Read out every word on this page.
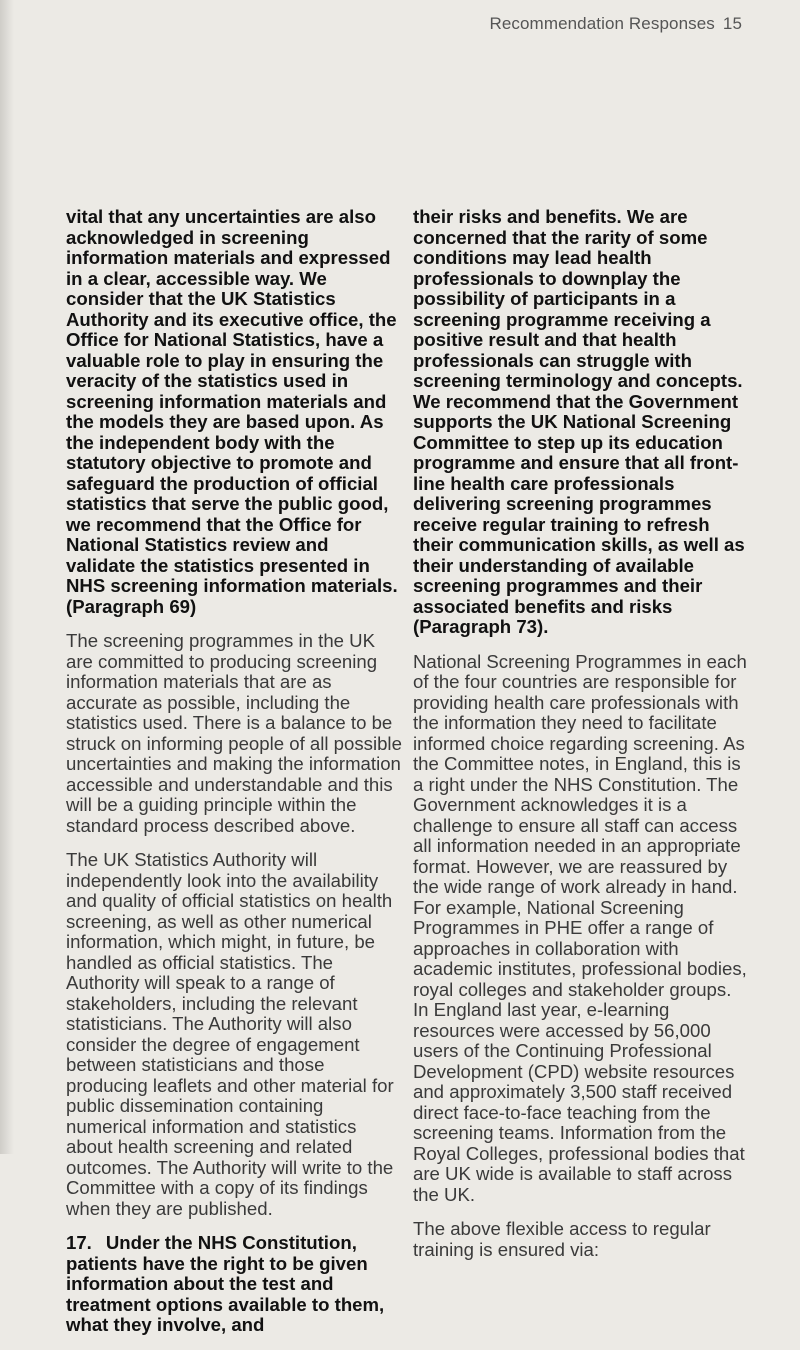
Recommendation Responses 15

vital that any uncertainties are also acknowledged in screening information materials and expressed in a clear, accessible way. We consider that the UK Statistics Authority and its executive office, the Office for National Statistics, have a valuable role to play in ensuring the veracity of the statistics used in screening information materials and the models they are based upon. As the independent body with the statutory objective to promote and safeguard the production of official statistics that serve the public good, we recommend that the Office for National Statistics review and validate the statistics presented in NHS screening information materials. (Paragraph 69)

The screening programmes in the UK are committed to producing screening information materials that are as accurate as possible, including the statistics used. There is a balance to be struck on informing people of all possible uncertainties and making the information accessible and understandable and this will be a guiding principle within the standard process described above.

The UK Statistics Authority will independently look into the availability and quality of official statistics on health screening, as well as other numerical information, which might, in future, be handled as official statistics. The Authority will speak to a range of stakeholders, including the relevant statisticians. The Authority will also consider the degree of engagement between statisticians and those producing leaflets and other material for public dissemination containing numerical information and statistics about health screening and related outcomes. The Authority will write to the Committee with a copy of its findings when they are published.

17. Under the NHS Constitution, patients have the right to be given information about the test and treatment options available to them, what they involve, and

their risks and benefits. We are concerned that the rarity of some conditions may lead health professionals to downplay the possibility of participants in a screening programme receiving a positive result and that health professionals can struggle with screening terminology and concepts. We recommend that the Government supports the UK National Screening Committee to step up its education programme and ensure that all front-line health care professionals delivering screening programmes receive regular training to refresh their communication skills, as well as their understanding of available screening programmes and their associated benefits and risks (Paragraph 73).

National Screening Programmes in each of the four countries are responsible for providing health care professionals with the information they need to facilitate informed choice regarding screening. As the Committee notes, in England, this is a right under the NHS Constitution. The Government acknowledges it is a challenge to ensure all staff can access all information needed in an appropriate format. However, we are reassured by the wide range of work already in hand. For example, National Screening Programmes in PHE offer a range of approaches in collaboration with academic institutes, professional bodies, royal colleges and stakeholder groups. In England last year, e-learning resources were accessed by 56,000 users of the Continuing Professional Development (CPD) website resources and approximately 3,500 staff received direct face-to-face teaching from the screening teams. Information from the Royal Colleges, professional bodies that are UK wide is available to staff across the UK.

The above flexible access to regular training is ensured via:
